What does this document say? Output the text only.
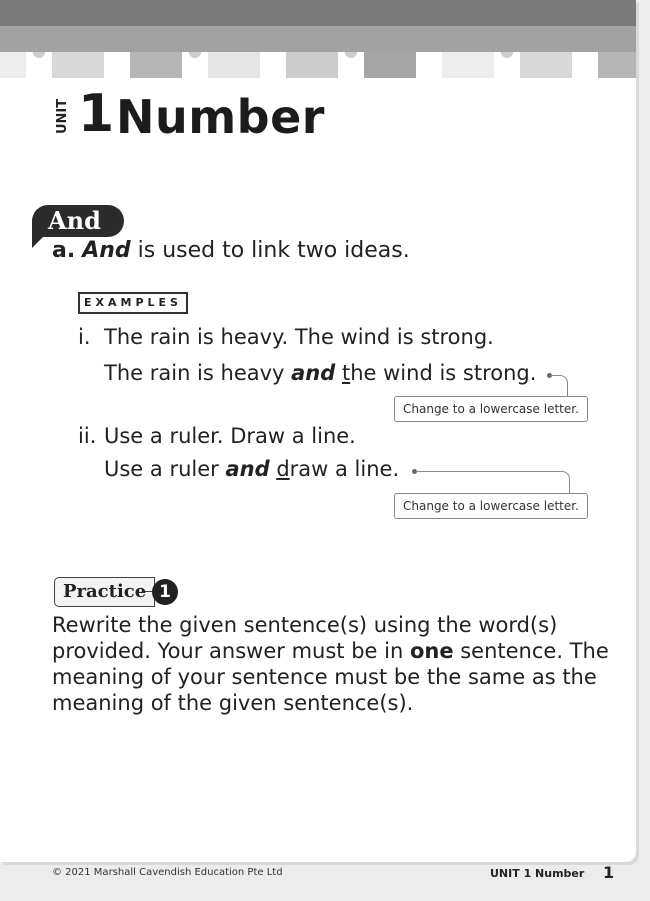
UNIT 1 Number
And
a. And is used to link two ideas.
EXAMPLES
i. The rain is heavy. The wind is strong.
The rain is heavy and the wind is strong.
Change to a lowercase letter.
ii. Use a ruler. Draw a line.
Use a ruler and draw a line.
Change to a lowercase letter.
Practice 1
Rewrite the given sentence(s) using the word(s) provided. Your answer must be in one sentence. The meaning of your sentence must be the same as the meaning of the given sentence(s).
© 2021 Marshall Cavendish Education Pte Ltd	UNIT 1 Number 1
